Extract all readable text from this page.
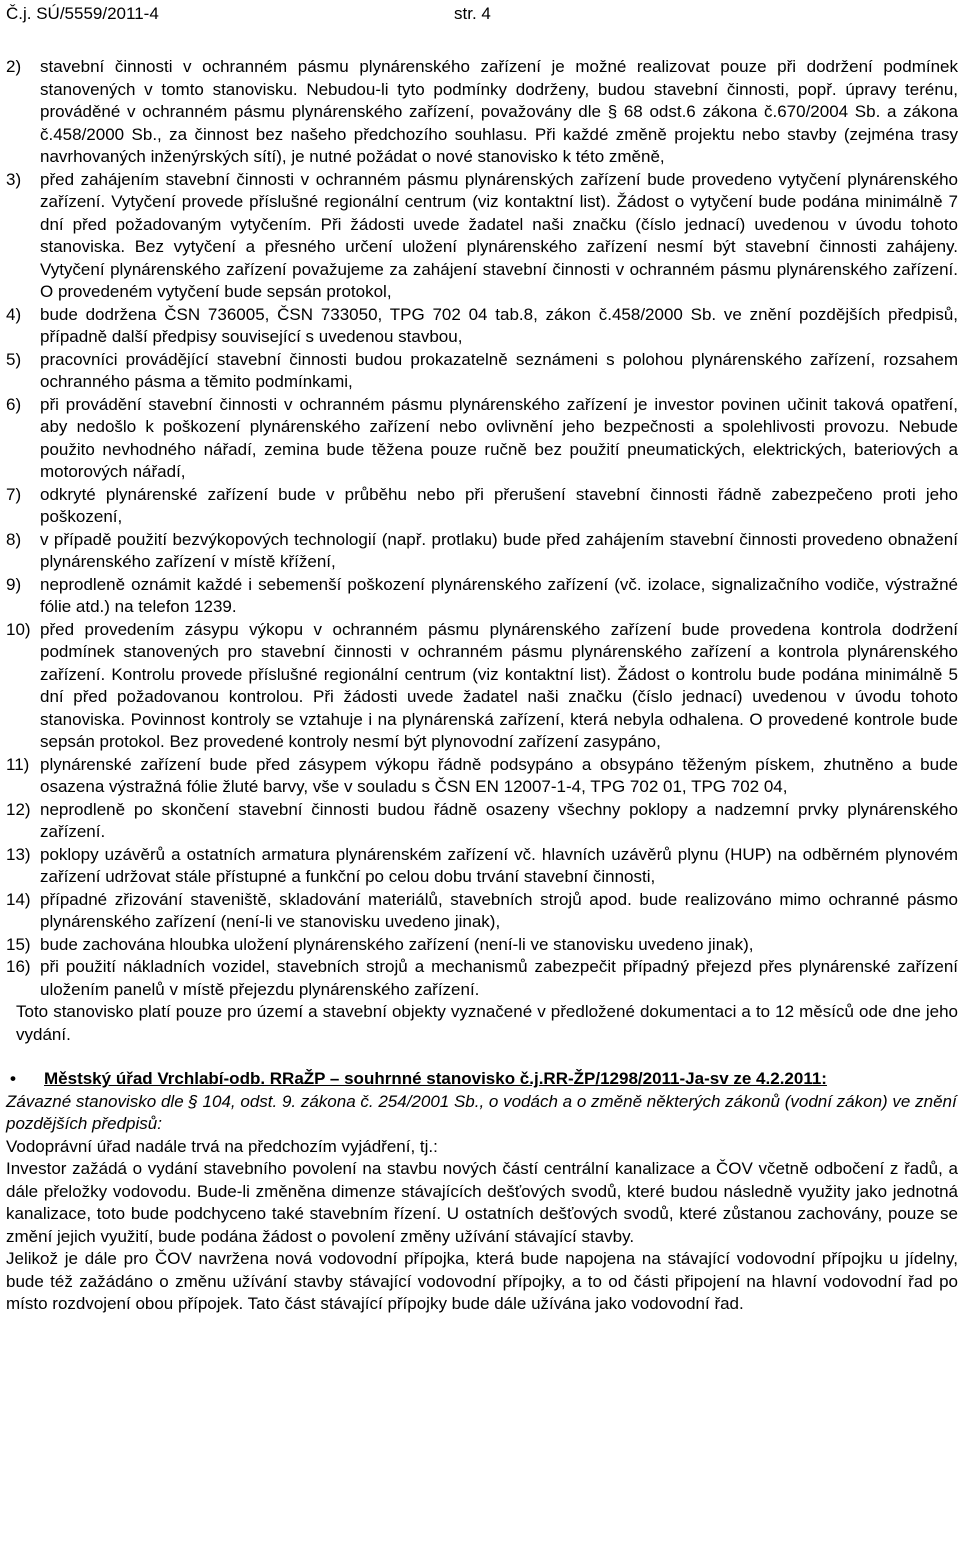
Č.j. SÚ/5559/2011-4	str. 4
2)	stavební činnosti v ochranném pásmu plynárenského zařízení je možné realizovat pouze při dodržení podmínek stanovených v tomto stanovisku. Nebudou-li tyto podmínky dodrženy, budou stavební činnosti, popř. úpravy terénu, prováděné v ochranném pásmu plynárenského zařízení, považovány dle § 68 odst.6 zákona č.670/2004 Sb. a zákona č.458/2000 Sb., za činnost bez našeho předchozího souhlasu. Při každé změně projektu nebo stavby (zejména trasy navrhovaných inženýrských sítí), je nutné požádat o nové stanovisko k této změně,
3)	před zahájením stavební činnosti v ochranném pásmu plynárenských zařízení bude provedeno vytyčení plynárenského zařízení. Vytyčení provede příslušné regionální centrum (viz kontaktní list). Žádost o vytyčení bude podána minimálně 7 dní před požadovaným vytyčením. Při žádosti uvede žadatel naši značku (číslo jednací) uvedenou v úvodu tohoto stanoviska. Bez vytyčení a přesného určení uložení plynárenského zařízení nesmí být stavební činnosti zahájeny. Vytyčení plynárenského zařízení považujeme za zahájení stavební činnosti v ochranném pásmu plynárenského zařízení. O provedeném vytyčení bude sepsán protokol,
4)	bude dodržena ČSN 736005, ČSN 733050, TPG 702 04 tab.8, zákon č.458/2000 Sb. ve znění pozdějších předpisů, případně další předpisy související s uvedenou stavbou,
5)	pracovníci provádějící stavební činnosti budou prokazatelně seznámeni s polohou plynárenského zařízení, rozsahem ochranného pásma a těmito podmínkami,
6)	při provádění stavební činnosti v ochranném pásmu plynárenského zařízení je investor povinen učinit taková opatření, aby nedošlo k poškození plynárenského zařízení nebo ovlivnění jeho bezpečnosti a spolehlivosti provozu. Nebude použito nevhodného nářadí, zemina bude těžena pouze ručně bez použití pneumatických, elektrických, bateriových a motorových nářadí,
7)	odkryté plynárenské zařízení bude v průběhu nebo při přerušení stavební činnosti řádně zabezpečeno proti jeho poškození,
8)	v případě použití bezvýkopových technologií (např. protlaku) bude před zahájením stavební činnosti provedeno obnažení plynárenského zařízení v místě křížení,
9)	neprodleně oznámit každé i sebemenší poškození plynárenského zařízení (vč. izolace, signalizačního vodiče, výstražné fólie atd.) na telefon 1239.
10) před provedením zásypu výkopu v ochranném pásmu plynárenského zařízení bude provedena kontrola dodržení podmínek stanovených pro stavební činnosti v ochranném pásmu plynárenského zařízení a kontrola plynárenského zařízení. Kontrolu provede příslušné regionální centrum (viz kontaktní list). Žádost o kontrolu bude podána minimálně 5 dní před požadovanou kontrolou. Při žádosti uvede žadatel naši značku (číslo jednací) uvedenou v úvodu tohoto stanoviska. Povinnost kontroly se vztahuje i na plynárenská zařízení, která nebyla odhalena. O provedené kontrole bude sepsán protokol. Bez provedené kontroly nesmí být plynovodní zařízení zasypáno,
11) plynárenské zařízení bude před zásypem výkopu řádně podsypáno a obsypáno těženým pískem, zhutněno a bude osazena výstražná fólie žluté barvy, vše v souladu s ČSN EN 12007-1-4, TPG 702 01, TPG 702 04,
12) neprodleně po skončení stavební činnosti budou řádně osazeny všechny poklopy a nadzemní prvky plynárenského zařízení.
13) poklopy uzávěrů a ostatních armatura plynárenském zařízení vč. hlavních uzávěrů plynu (HUP) na odběrném plynovém zařízení udržovat stále přístupné a funkční po celou dobu trvání stavební činnosti,
14) případné zřizování staveniště, skladování materiálů, stavebních strojů apod. bude realizováno mimo ochranné pásmo plynárenského zařízení (není-li ve stanovisku uvedeno jinak),
15) bude zachována hloubka uložení plynárenského zařízení (není-li ve stanovisku uvedeno jinak),
16) při použití nákladních vozidel, stavebních strojů a mechanismů zabezpečit případný přejezd přes plynárenské zařízení uložením panelů v místě přejezdu plynárenského zařízení.
Toto stanovisko platí pouze pro území a stavební objekty vyznačené v předložené dokumentaci a to 12 měsíců ode dne jeho vydání.
•	Městský úřad Vrchlabí-odb. RRaŽP – souhrnné stanovisko č.j.RR-ŽP/1298/2011-Ja-sv ze 4.2.2011:
Závazné stanovisko dle § 104, odst. 9. zákona č. 254/2001 Sb., o vodách a o změně některých zákonů (vodní zákon) ve znění pozdějších předpisů:
Vodoprávní úřad nadále trvá na předchozím vyjádření, tj.:
Investor zažádá o vydání stavebního povolení na stavbu nových částí centrální kanalizace a ČOV včetně odbočení z řadů, a dále přeložky vodovodu. Bude-li změněna dimenze stávajících dešťových svodů, které budou následně využity jako jednotná kanalizace, toto bude podchyceno také stavebním řízení. U ostatních dešťových svodů, které zůstanou zachovány, pouze se změní jejich využití, bude podána žádost o povolení změny užívání stávající stavby.
Jelikož je dále pro ČOV navržena nová vodovodní přípojka, která bude napojena na stávající vodovodní přípojku u jídelny, bude též zažádáno o změnu užívání stavby stávající vodovodní přípojky, a to od části připojení na hlavní vodovodní řad po místo rozdvojení obou přípojek. Tato část stávající přípojky bude dále užívána jako vodovodní řad.
